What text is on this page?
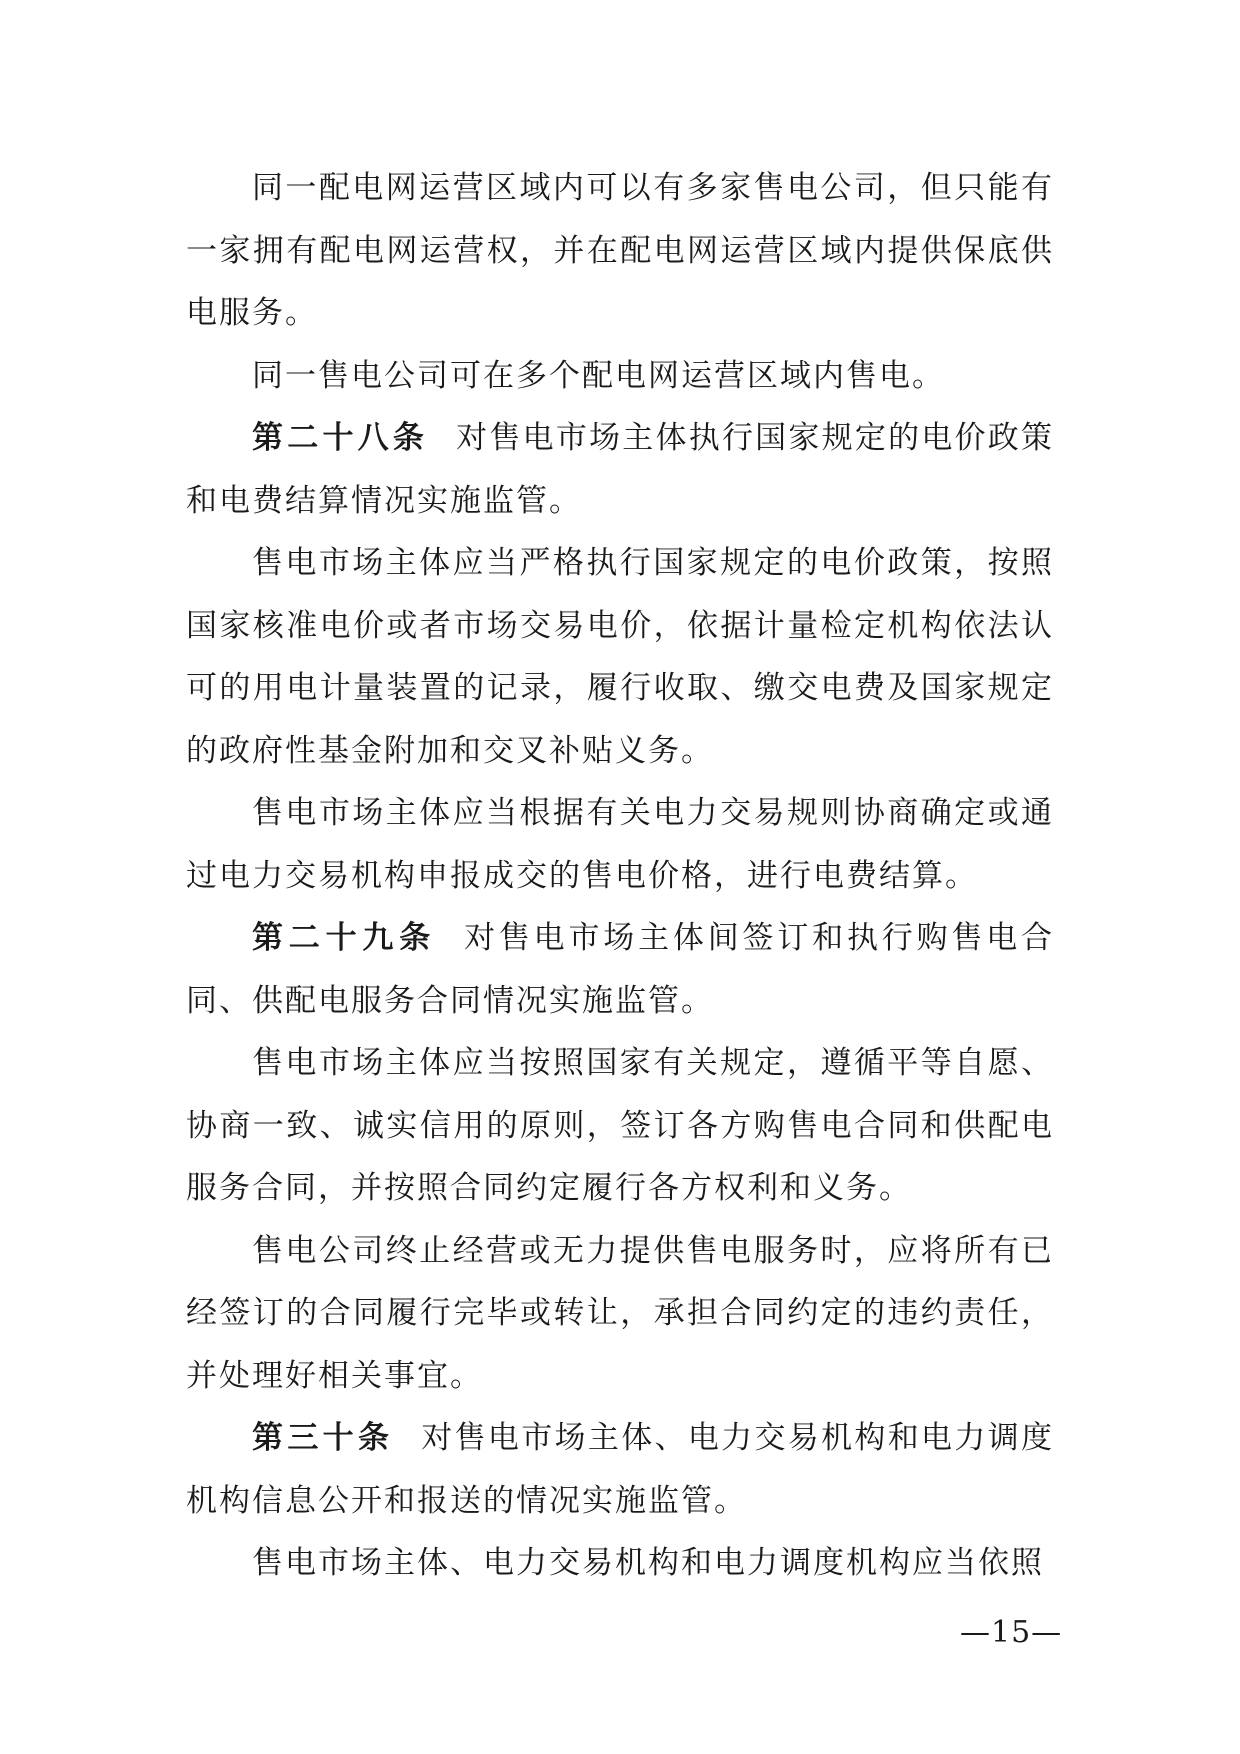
同一配电网运营区域内可以有多家售电公司，但只能有一家拥有配电网运营权，并在配电网运营区域内提供保底供电服务。

同一售电公司可在多个配电网运营区域内售电。

第二十八条 对售电市场主体执行国家规定的电价政策和电费结算情况实施监管。

售电市场主体应当严格执行国家规定的电价政策，按照国家核准电价或者市场交易电价，依据计量检定机构依法认可的用电计量装置的记录，履行收取、缴交电费及国家规定的政府性基金附加和交叉补贴义务。

售电市场主体应当根据有关电力交易规则协商确定或通过电力交易机构申报成交的售电价格，进行电费结算。

第二十九条 对售电市场主体间签订和执行购售电合同、供配电服务合同情况实施监管。

售电市场主体应当按照国家有关规定，遵循平等自愿、协商一致、诚实信用的原则，签订各方购售电合同和供配电服务合同，并按照合同约定履行各方权利和义务。

售电公司终止经营或无力提供售电服务时，应将所有已经签订的合同履行完毕或转让，承担合同约定的违约责任，并处理好相关事宜。

第三十条 对售电市场主体、电力交易机构和电力调度机构信息公开和报送的情况实施监管。

售电市场主体、电力交易机构和电力调度机构应当依照

—15—
